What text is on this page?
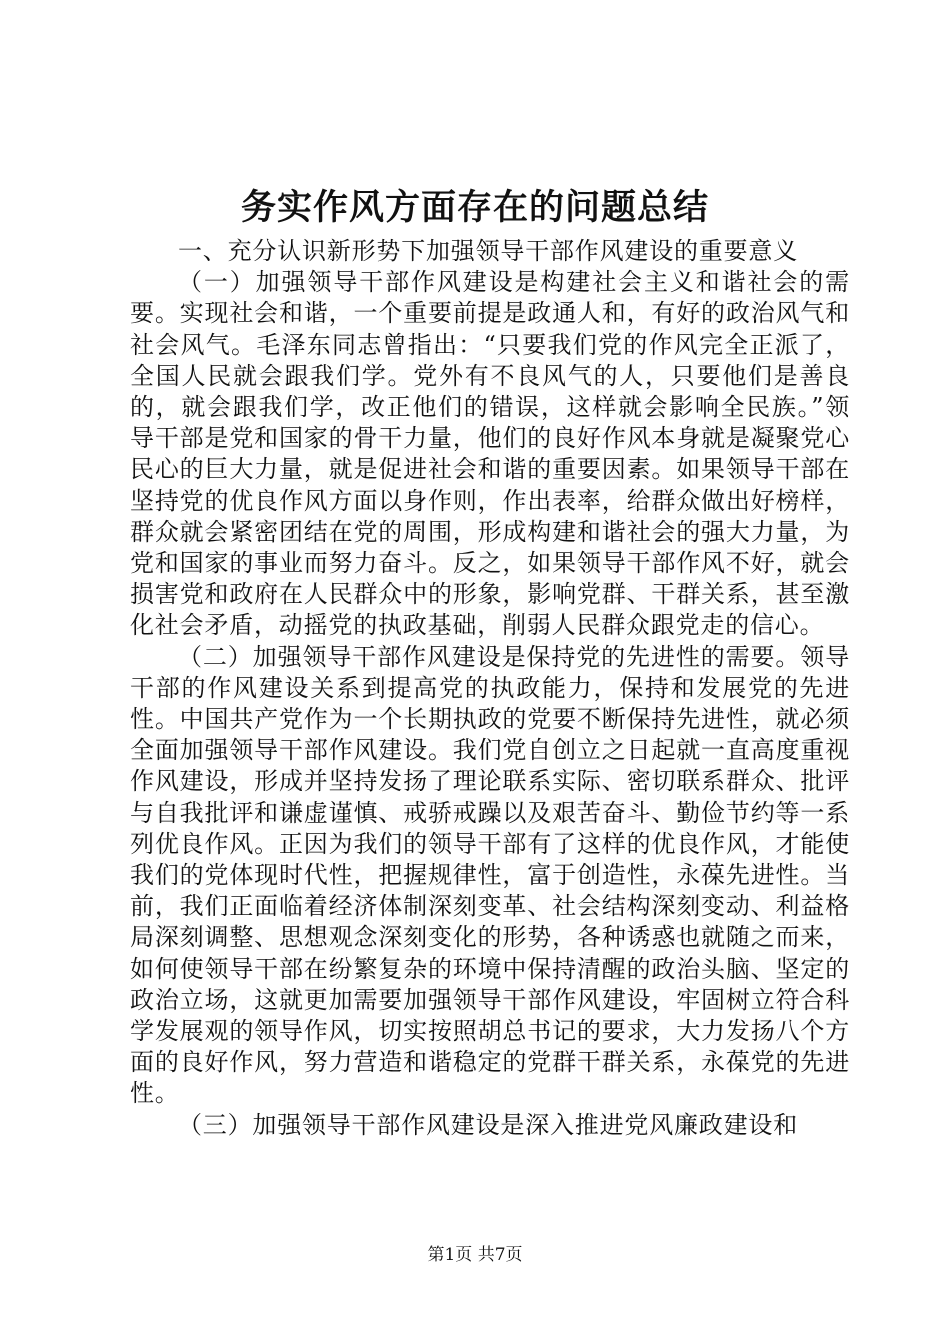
务实作风方面存在的问题总结

一、充分认识新形势下加强领导干部作风建设的重要意义

（一）加强领导干部作风建设是构建社会主义和谐社会的需要。实现社会和谐，一个重要前提是政通人和，有好的政治风气和社会风气。毛泽东同志曾指出：“只要我们党的作风完全正派了，全国人民就会跟我们学。党外有不良风气的人，只要他们是善良的，就会跟我们学，改正他们的错误，这样就会影响全民族。”领导干部是党和国家的骨干力量，他们的良好作风本身就是凝聚党心民心的巨大力量，就是促进社会和谐的重要因素。如果领导干部在坚持党的优良作风方面以身作则，作出表率，给群众做出好榜样，群众就会紧密团结在党的周围，形成构建和谐社会的强大力量，为党和国家的事业而努力奋斗。反之，如果领导干部作风不好，就会损害党和政府在人民群众中的形象，影响党群、干群关系，甚至激化社会矛盾，动摇党的执政基础，削弱人民群众跟党走的信心。

（二）加强领导干部作风建设是保持党的先进性的需要。领导干部的作风建设关系到提高党的执政能力，保持和发展党的先进性。中国共产党作为一个长期执政的党要不断保持先进性，就必须全面加强领导干部作风建设。我们党自创立之日起就一直高度重视作风建设，形成并坚持发扬了理论联系实际、密切联系群众、批评与自我批评和谦虚谨慎、戒骄戒躁以及艰苦奋斗、勤俭节约等一系列优良作风。正因为我们的领导干部有了这样的优良作风，才能使我们的党体现时代性，把握规律性，富于创造性，永葆先进性。当前，我们正面临着经济体制深刻变革、社会结构深刻变动、利益格局深刻调整、思想观念深刻变化的形势，各种诱惑也就随之而来，如何使领导干部在纷繁复杂的环境中保持清醒的政治头脑、坚定的政治立场，这就更加需要加强领导干部作风建设，牢固树立符合科学发展观的领导作风，切实按照胡总书记的要求，大力发扬八个方面的良好作风，努力营造和谐稳定的党群干群关系，永葆党的先进性。

（三）加强领导干部作风建设是深入推进党风廉政建设和

第1页 共7页
